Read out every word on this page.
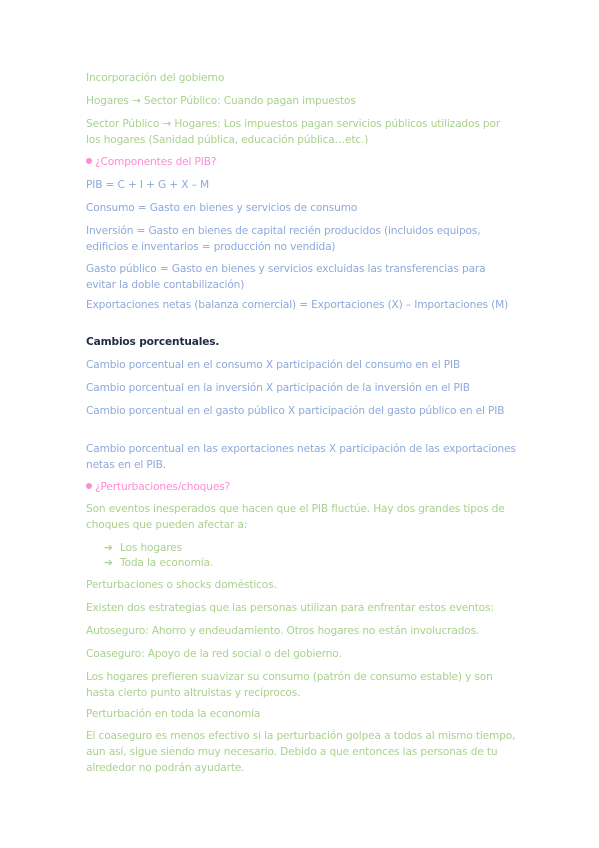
Incorporación del gobierno

Hogares → Sector Público: Cuando pagan impuestos

Sector Público → Hogares: Los impuestos pagan servicios públicos utilizados por los hogares (Sanidad pública, educación pública…etc.)

¿Componentes del PIB?

PIB = C + I + G + X – M

Consumo = Gasto en bienes y servicios de consumo

Inversión = Gasto en bienes de capital recién producidos (incluidos equipos, edificios e inventarios = producción no vendida)

Gasto público = Gasto en bienes y servicios excluidas las transferencias para evitar la doble contabilización)

Exportaciones netas (balanza comercial) = Exportaciones (X) – Importaciones (M)

Cambios porcentuales.

Cambio porcentual en el consumo X participación del consumo en el PIB

Cambio porcentual en la inversión X participación de la inversión en el PIB

Cambio porcentual en el gasto público X participación del gasto público en el PIB

Cambio porcentual en las exportaciones netas X participación de las exportaciones netas en el PIB.

¿Perturbaciones/choques?

Son eventos inesperados que hacen que el PIB fluctúe. Hay dos grandes tipos de choques que pueden afectar a:

➔ Los hogares
➔ Toda la economía.

Perturbaciones o shocks domésticos.

Existen dos estrategias que las personas utilizan para enfrentar estos eventos:

Autoseguro: Ahorro y endeudamiento. Otros hogares no están involucrados.

Coaseguro: Apoyo de la red social o del gobierno.

Los hogares prefieren suavizar su consumo (patrón de consumo estable) y son hasta cierto punto altruistas y recíprocos.

Perturbación en toda la economía

El coaseguro es menos efectivo si la perturbación golpea a todos al mismo tiempo, aun así, sigue siendo muy necesario. Debido a que entonces las personas de tu alrededor no podrán ayudarte.
